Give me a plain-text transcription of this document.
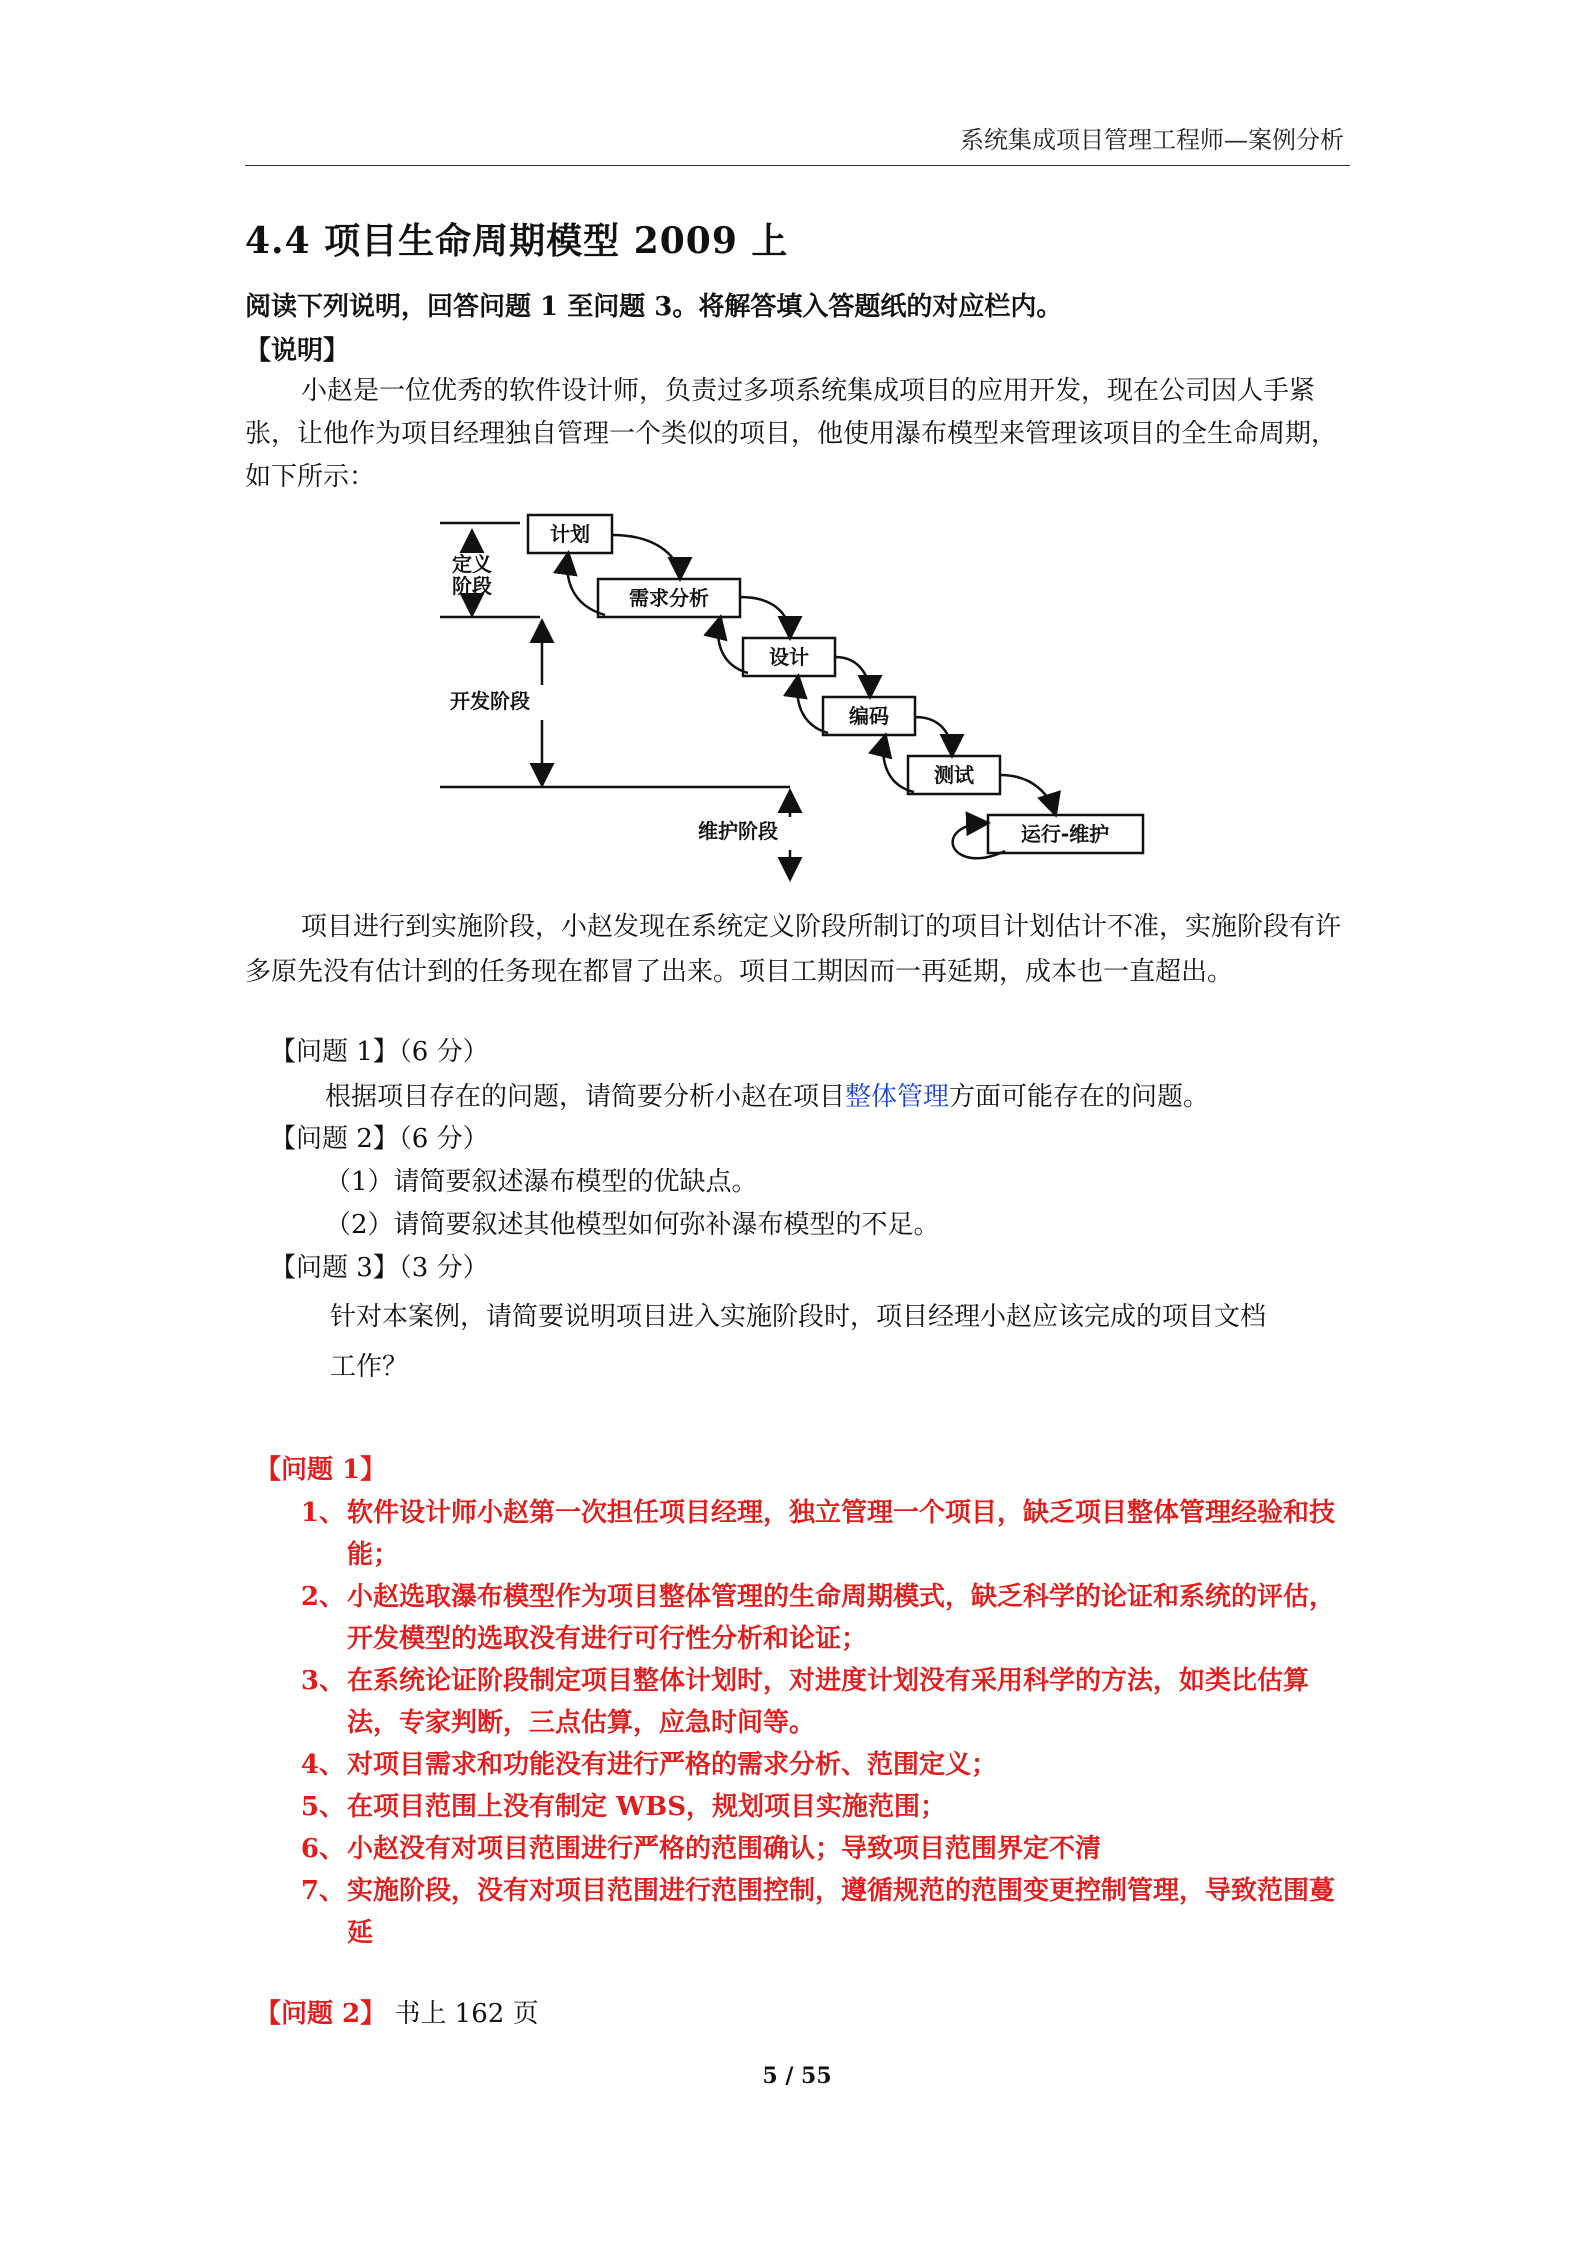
系统集成项目管理工程师—案例分析
4.4 项目生命周期模型 2009 上
阅读下列说明，回答问题 1 至问题 3。将解答填入答题纸的对应栏内。
【说明】
小赵是一位优秀的软件设计师，负责过多项系统集成项目的应用开发，现在公司因人手紧张，让他作为项目经理独自管理一个类似的项目，他使用瀑布模型来管理该项目的全生命周期，如下所示：
计划
需求分析
设计
编码
测试
运行-维护
开发阶段
维护阶段
定义
阶段
项目进行到实施阶段，小赵发现在系统定义阶段所制订的项目计划估计不准，实施阶段有许多原先没有估计到的任务现在都冒了出来。项目工期因而一再延期，成本也一直超出。
【问题 1】（6 分）
根据项目存在的问题，请简要分析小赵在项目整体管理方面可能存在的问题。
【问题 2】（6 分）
（1）请简要叙述瀑布模型的优缺点。
（2）请简要叙述其他模型如何弥补瀑布模型的不足。
【问题 3】（3 分）
针对本案例，请简要说明项目进入实施阶段时，项目经理小赵应该完成的项目文档
工作？
【问题 1】
1、 软件设计师小赵第一次担任项目经理，独立管理一个项目，缺乏项目整体管理经验和技能；
2、 小赵选取瀑布模型作为项目整体管理的生命周期模式，缺乏科学的论证和系统的评估，开发模型的选取没有进行可行性分析和论证；
3、 在系统论证阶段制定项目整体计划时，对进度计划没有采用科学的方法，如类比估算法，专家判断，三点估算，应急时间等。
4、 对项目需求和功能没有进行严格的需求分析、范围定义；
5、 在项目范围上没有制定 WBS，规划项目实施范围；
6、 小赵没有对项目范围进行严格的范围确认；导致项目范围界定不清
7、 实施阶段，没有对项目范围进行范围控制，遵循规范的范围变更控制管理，导致范围蔓延
【问题 2】 书上 162 页
5 / 55
